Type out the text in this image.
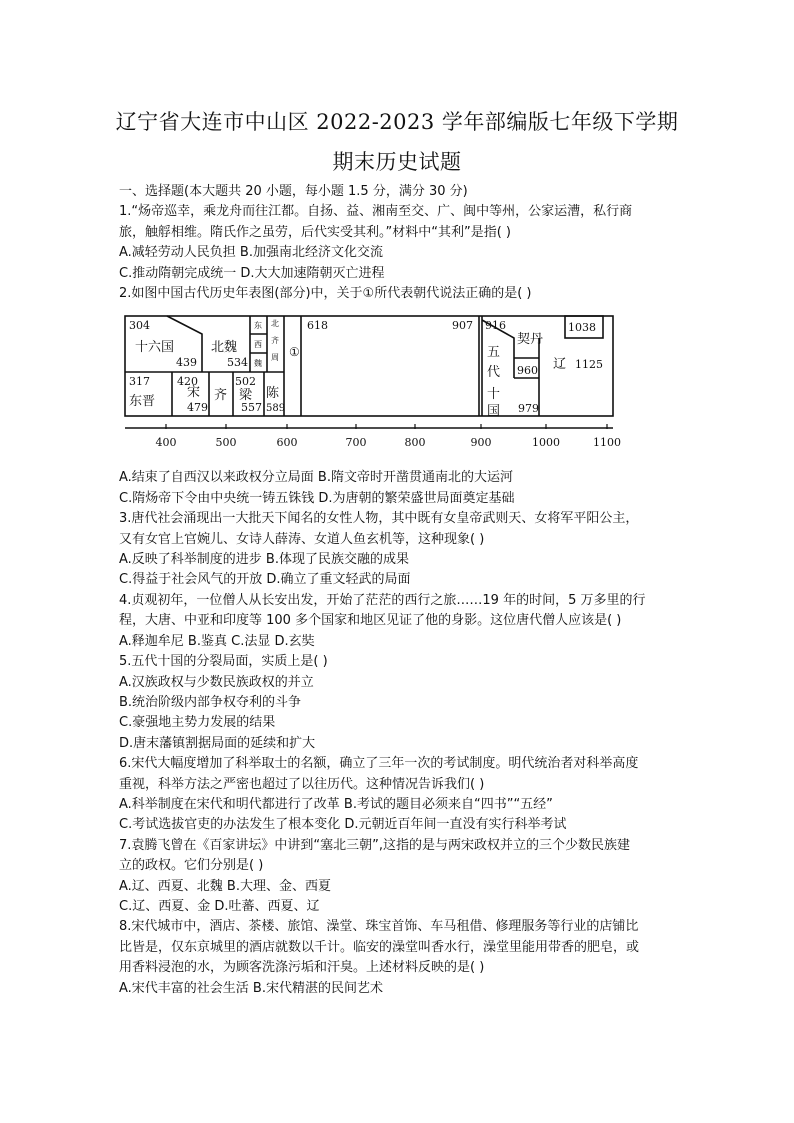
辽宁省大连市中山区 2022-2023 学年部编版七年级下学期
期末历史试题

一、选择题(本大题共 20 小题，每小题 1.5 分，满分 30 分)

1.“炀帝巡幸，乘龙舟而往江都。自扬、益、湘南至交、广、闽中等州，公家运漕，私行商

旅，触艀相维。隋氏作之虽劳，后代实受其利。”材料中“其利”是指( )

A.减轻劳动人民负担 B.加强南北经济文化交流

C.推动隋朝完成统一 D.大大加速隋朝灭亡进程

2.如图中国古代历史年表图(部分)中，关于①所代表朝代说法正确的是( )

304
439	534
317 420
479
502
557 589
618	907 916	1038
1125
960
979
十六国	北魏
东晋
宋 齐 梁 陈
①	五
代
十
国
契丹
辽
东
西
魏
北
齐
周
400	500	600	700	800	900	1000	1100

A.结束了自西汉以来政权分立局面 B.隋文帝时开凿贯通南北的大运河

C.隋炀帝下令由中央统一铸五铢钱 D.为唐朝的繁荣盛世局面奠定基础

3.唐代社会涌现出一大批天下闻名的女性人物，其中既有女皇帝武则天、女将军平阳公主，

又有女官上官婉儿、女诗人薛涛、女道人鱼玄机等，这种现象( )

A.反映了科举制度的进步 B.体现了民族交融的成果

C.得益于社会风气的开放 D.确立了重文轻武的局面

4.贞观初年，一位僧人从长安出发，开始了茫茫的西行之旅……19 年的时间，5 万多里的行

程，大唐、中亚和印度等 100 多个国家和地区见证了他的身影。这位唐代僧人应该是( )

A.释迦牟尼 B.鉴真 C.法显 D.玄奘

5.五代十国的分裂局面，实质上是( )

A.汉族政权与少数民族政权的并立

B.统治阶级内部争权夺利的斗争

C.豪强地主势力发展的结果

D.唐末藩镇割据局面的延续和扩大

6.宋代大幅度增加了科举取士的名额，确立了三年一次的考试制度。明代统治者对科举高度

重视，科举方法之严密也超过了以往历代。这种情况告诉我们( )

A.科举制度在宋代和明代都进行了改革 B.考试的题目必须来自“四书”“五经”

C.考试选拔官吏的办法发生了根本变化 D.元朝近百年间一直没有实行科举考试

7.袁腾飞曾在《百家讲坛》中讲到“塞北三朝”,这指的是与两宋政权并立的三个少数民族建

立的政权。它们分别是( )

A.辽、西夏、北魏 B.大理、金、西夏

C.辽、西夏、金 D.吐蕃、西夏、辽

8.宋代城市中，酒店、茶楼、旅馆、澡堂、珠宝首饰、车马租借、修理服务等行业的店铺比

比皆是，仅东京城里的酒店就数以千计。临安的澡堂叫香水行，澡堂里能用带香的肥皂，或

用香料浸泡的水，为顾客洗涤污垢和汗臭。上述材料反映的是( )

A.宋代丰富的社会生活 B.宋代精湛的民间艺术
